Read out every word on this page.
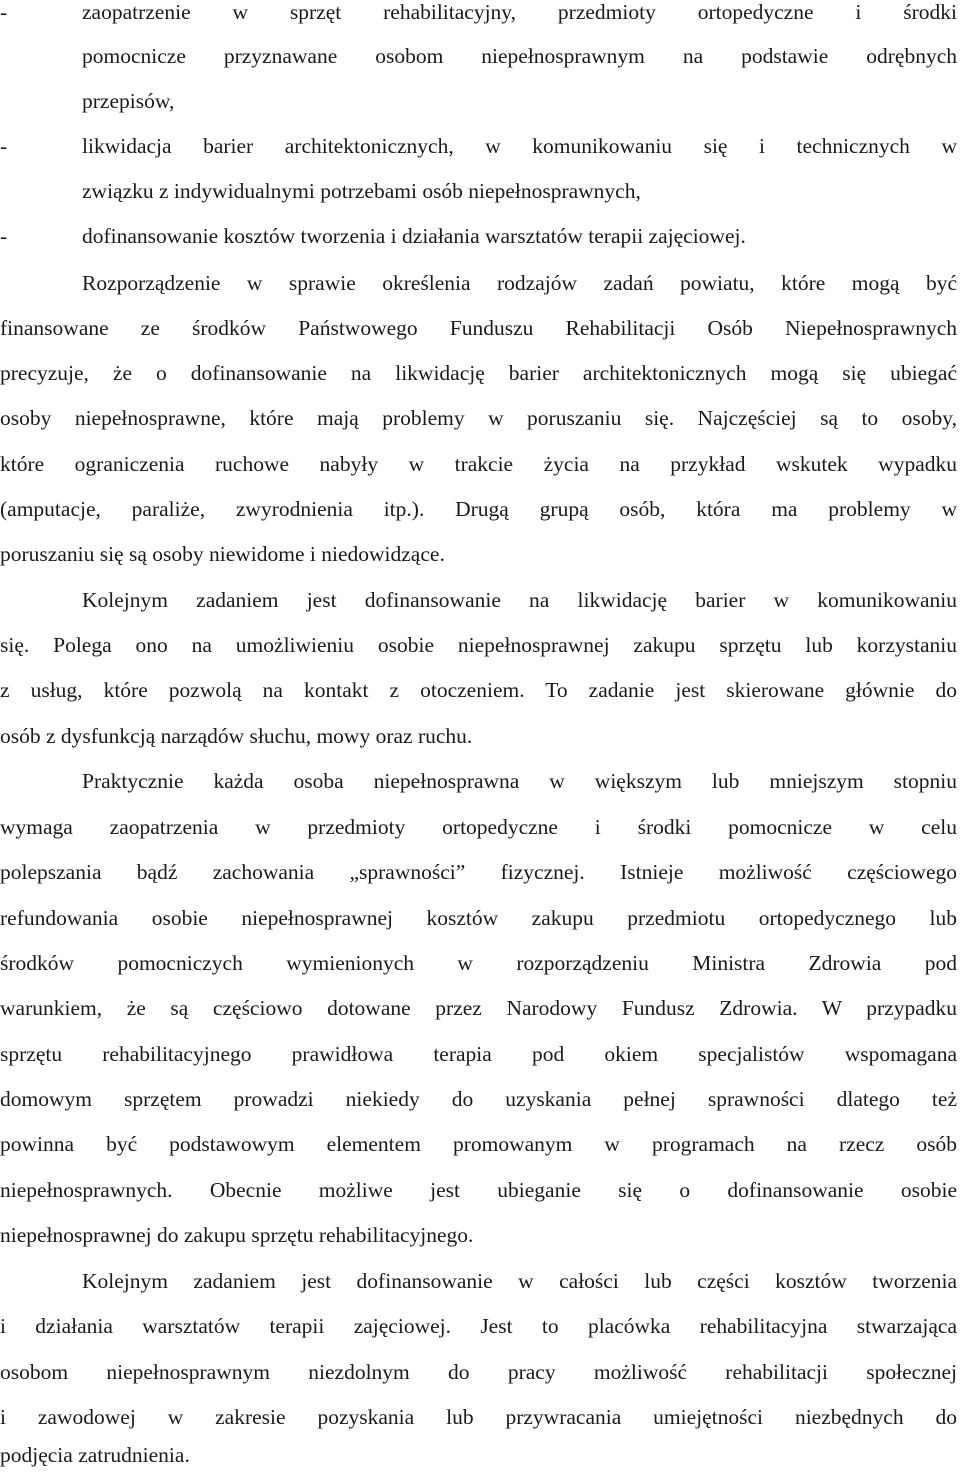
-	zaopatrzenie w sprzęt rehabilitacyjny, przedmioty ortopedyczne i środki
pomocnicze przyznawane osobom niepełnosprawnym na podstawie odrębnych
przepisów,
-	likwidacja barier architektonicznych, w komunikowaniu się i technicznych w
związku z indywidualnymi potrzebami osób niepełnosprawnych,
-	dofinansowanie kosztów tworzenia i działania warsztatów terapii zajęciowej.
Rozporządzenie w sprawie określenia rodzajów zadań powiatu, które mogą być
finansowane ze środków Państwowego Funduszu Rehabilitacji Osób Niepełnosprawnych
precyzuje, że o dofinansowanie na likwidację barier architektonicznych mogą się ubiegać
osoby niepełnosprawne, które mają problemy w poruszaniu się. Najczęściej są to osoby,
które ograniczenia ruchowe nabyły w trakcie życia na przykład wskutek wypadku
(amputacje, paraliże, zwyrodnienia itp.). Drugą grupą osób, która ma problemy w
poruszaniu się są osoby niewidome i niedowidzące.
Kolejnym zadaniem jest dofinansowanie na likwidację barier w komunikowaniu
się. Polega ono na umożliwieniu osobie niepełnosprawnej zakupu sprzętu lub korzystaniu
z usług, które pozwolą na kontakt z otoczeniem. To zadanie jest skierowane głównie do
osób z dysfunkcją narządów słuchu, mowy oraz ruchu.
Praktycznie każda osoba niepełnosprawna w większym lub mniejszym stopniu
wymaga zaopatrzenia w przedmioty ortopedyczne i środki pomocnicze w celu
polepszania bądź zachowania „sprawności” fizycznej. Istnieje możliwość częściowego
refundowania osobie niepełnosprawnej kosztów zakupu przedmiotu ortopedycznego lub
środków pomocniczych wymienionych w rozporządzeniu Ministra Zdrowia pod
warunkiem, że są częściowo dotowane przez Narodowy Fundusz Zdrowia. W przypadku
sprzętu rehabilitacyjnego prawidłowa terapia pod okiem specjalistów wspomagana
domowym sprzętem prowadzi niekiedy do uzyskania pełnej sprawności dlatego też
powinna być podstawowym elementem promowanym w programach na rzecz osób
niepełnosprawnych. Obecnie możliwe jest ubieganie się o dofinansowanie osobie
niepełnosprawnej do zakupu sprzętu rehabilitacyjnego.
Kolejnym zadaniem jest dofinansowanie w całości lub części kosztów tworzenia
i działania warsztatów terapii zajęciowej. Jest to placówka rehabilitacyjna stwarzająca
osobom niepełnosprawnym niezdolnym do pracy możliwość rehabilitacji społecznej
i zawodowej w zakresie pozyskania lub przywracania umiejętności niezbędnych do
podjęcia zatrudnienia.
